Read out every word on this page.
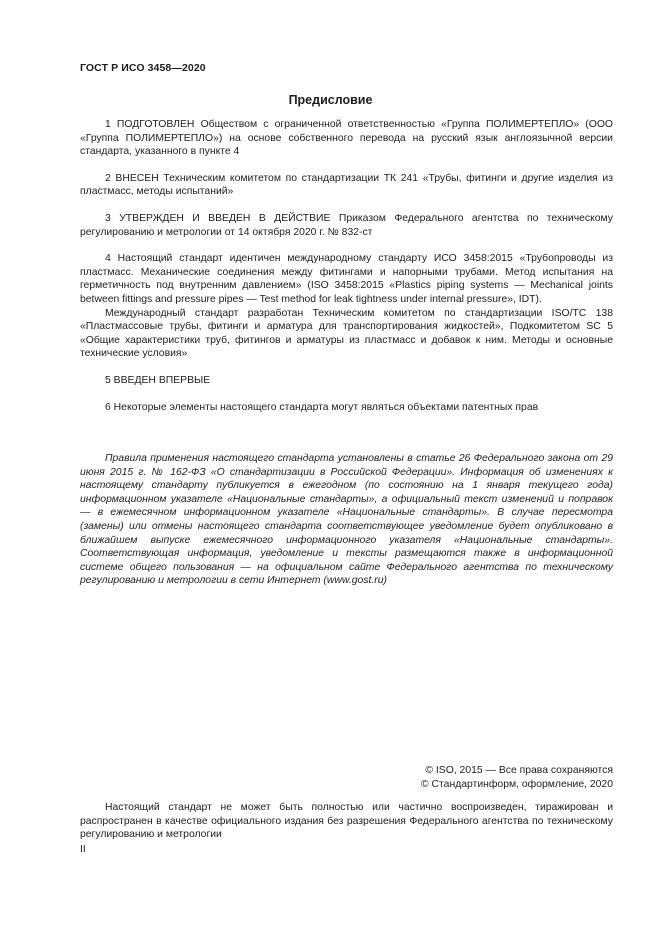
ГОСТ Р ИСО 3458—2020
Предисловие

1 ПОДГОТОВЛЕН Обществом с ограниченной ответственностью «Группа ПОЛИМЕРТЕПЛО» (ООО «Группа ПОЛИМЕРТЕПЛО») на основе собственного перевода на русский язык англоязычной версии стандарта, указанного в пункте 4

2 ВНЕСЕН Техническим комитетом по стандартизации ТК 241 «Трубы, фитинги и другие изделия из пластмасс, методы испытаний»

3 УТВЕРЖДЕН И ВВЕДЕН В ДЕЙСТВИЕ Приказом Федерального агентства по техническому регулированию и метрологии от 14 октября 2020 г. № 832-ст

4 Настоящий стандарт идентичен международному стандарту ИСО 3458:2015 «Трубопроводы из пластмасс. Механические соединения между фитингами и напорными трубами. Метод испытания на герметичность под внутренним давлением» (ISO 3458:2015 «Plastics piping systems — Mechanical joints between fittings and pressure pipes — Test method for leak tightness under internal pressure», IDT).

Международный стандарт разработан Техническим комитетом по стандартизации ISO/TC 138 «Пластмассовые трубы, фитинги и арматура для транспортирования жидкостей», Подкомитетом SC 5 «Общие характеристики труб, фитингов и арматуры из пластмасс и добавок к ним. Методы и основные технические условия»

5 ВВЕДЕН ВПЕРВЫЕ

6 Некоторые элементы настоящего стандарта могут являться объектами патентных прав

Правила применения настоящего стандарта установлены в статье 26 Федерального закона от 29 июня 2015 г. № 162-ФЗ «О стандартизации в Российской Федерации». Информация об изменениях к настоящему стандарту публикуется в ежегодном (по состоянию на 1 января текущего года) информационном указателе «Национальные стандарты», а официальный текст изменений и поправок — в ежемесячном информационном указателе «Национальные стандарты». В случае пересмотра (замены) или отмены настоящего стандарта соответствующее уведомление будет опубликовано в ближайшем выпуске ежемесячного информационного указателя «Национальные стандарты». Соответствующая информация, уведомление и тексты размещаются также в информационной системе общего пользования — на официальном сайте Федерального агентства по техническому регулированию и метрологии в сети Интернет (www.gost.ru)

© ISO, 2015 — Все права сохраняются
© Стандартинформ, оформление, 2020

Настоящий стандарт не может быть полностью или частично воспроизведен, тиражирован и распространен в качестве официального издания без разрешения Федерального агентства по техническому регулированию и метрологии

II
